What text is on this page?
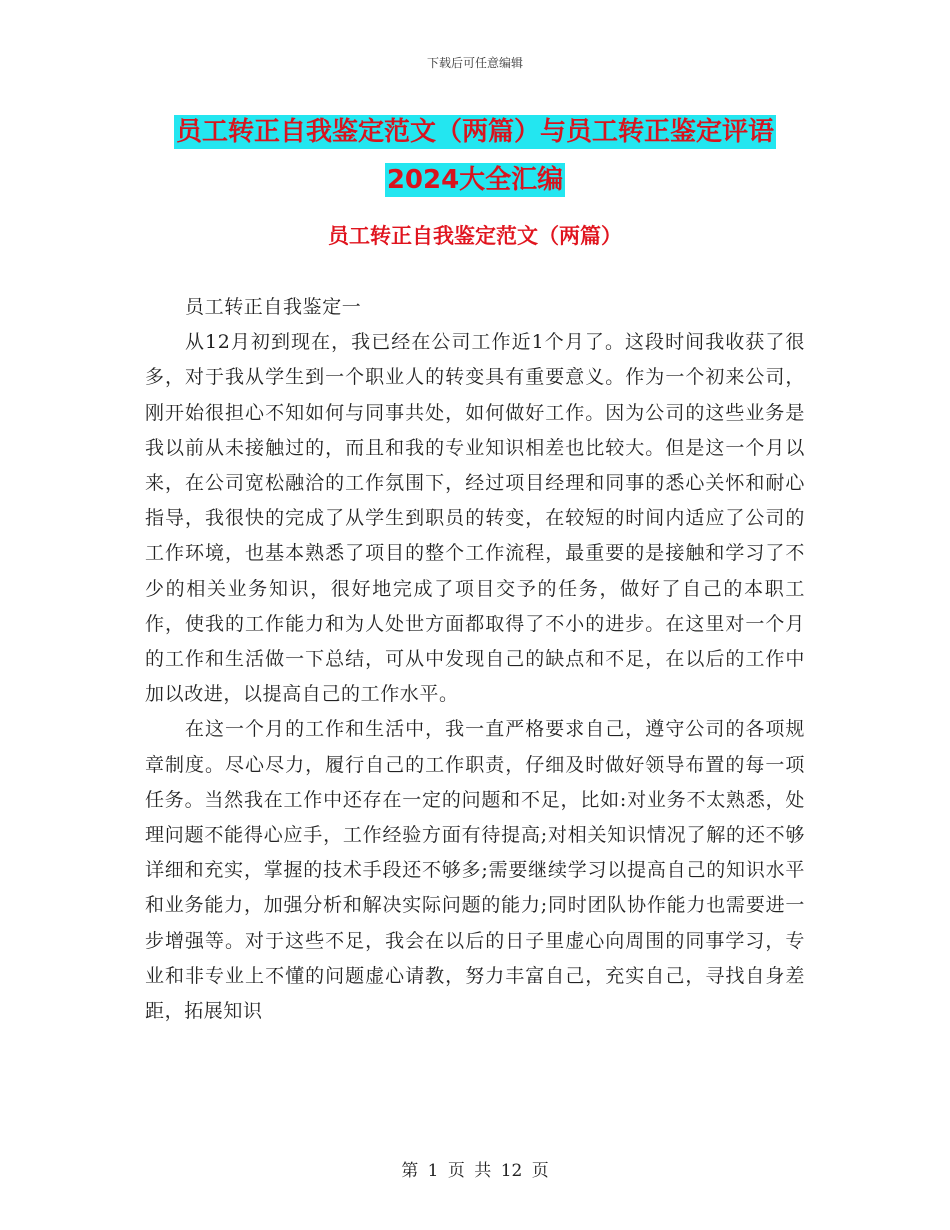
下载后可任意编辑
员工转正自我鉴定范文（两篇）与员工转正鉴定评语
2024大全汇编
员工转正自我鉴定范文（两篇）

员工转正自我鉴定一

从12月初到现在，我已经在公司工作近1个月了。这段时间我收获了很多，对于我从学生到一个职业人的转变具有重要意义。作为一个初来公司，刚开始很担心不知如何与同事共处，如何做好工作。因为公司的这些业务是我以前从未接触过的，而且和我的专业知识相差也比较大。但是这一个月以来，在公司宽松融洽的工作氛围下，经过项目经理和同事的悉心关怀和耐心指导，我很快的完成了从学生到职员的转变，在较短的时间内适应了公司的工作环境，也基本熟悉了项目的整个工作流程，最重要的是接触和学习了不少的相关业务知识，很好地完成了项目交予的任务，做好了自己的本职工作，使我的工作能力和为人处世方面都取得了不小的进步。在这里对一个月的工作和生活做一下总结，可从中发现自己的缺点和不足，在以后的工作中加以改进，以提高自己的工作水平。

在这一个月的工作和生活中，我一直严格要求自己，遵守公司的各项规章制度。尽心尽力，履行自己的工作职责，仔细及时做好领导布置的每一项任务。当然我在工作中还存在一定的问题和不足，比如:对业务不太熟悉，处理问题不能得心应手，工作经验方面有待提高;对相关知识情况了解的还不够详细和充实，掌握的技术手段还不够多;需要继续学习以提高自己的知识水平和业务能力，加强分析和解决实际问题的能力;同时团队协作能力也需要进一步增强等。对于这些不足，我会在以后的日子里虚心向周围的同事学习，专业和非专业上不懂的问题虚心请教，努力丰富自己，充实自己，寻找自身差距，拓展知识

第 1 页 共 12 页
